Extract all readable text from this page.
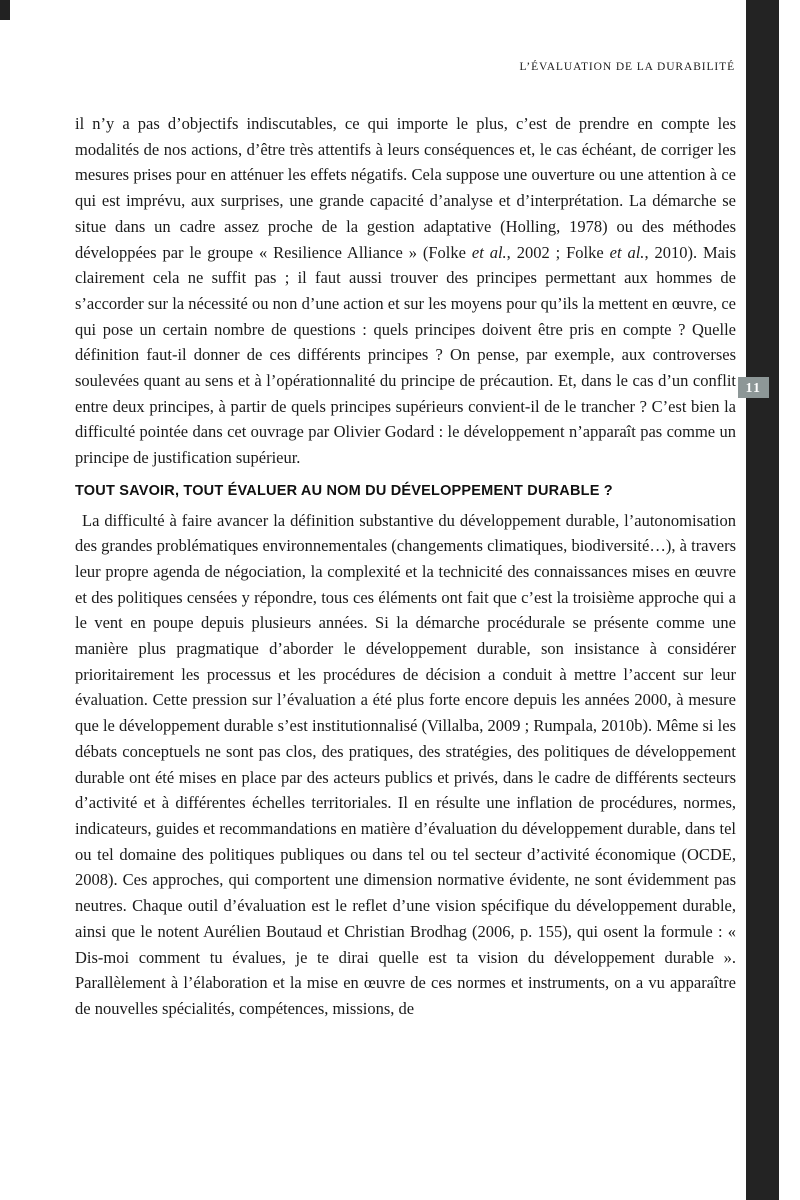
11
L’ÉVALUATION DE LA DURABILITÉ

il n’y a pas d’objectifs indiscutables, ce qui importe le plus, c’est de prendre en compte les modalités de nos actions, d’être très attentifs à leurs conséquences et, le cas échéant, de corriger les mesures prises pour en atténuer les effets négatifs. Cela suppose une ouverture ou une attention à ce qui est imprévu, aux surprises, une grande capacité d’analyse et d’interprétation. La démarche se situe dans un cadre assez proche de la gestion adaptative (Holling, 1978) ou des méthodes développées par le groupe « Resilience Alliance » (Folke et al., 2002 ; Folke et al., 2010). Mais clairement cela ne suffit pas ; il faut aussi trouver des principes permettant aux hommes de s’accorder sur la nécessité ou non d’une action et sur les moyens pour qu’ils la mettent en œuvre, ce qui pose un certain nombre de questions : quels principes doivent être pris en compte ? Quelle définition faut-il donner de ces différents principes ? On pense, par exemple, aux controverses soulevées quant au sens et à l’opérationnalité du principe de précaution. Et, dans le cas d’un conflit entre deux principes, à partir de quels principes supérieurs convient-il de le trancher ? C’est bien la difficulté pointée dans cet ouvrage par Olivier Godard : le développement n’apparaît pas comme un principe de justification supérieur.

TOUT SAVOIR, TOUT ÉVALUER AU NOM DU DÉVELOPPEMENT DURABLE ?

La difficulté à faire avancer la définition substantive du développement durable, l’autonomisation des grandes problématiques environnementales (changements climatiques, biodiversité…), à travers leur propre agenda de négociation, la complexité et la technicité des connaissances mises en œuvre et des politiques censées y répondre, tous ces éléments ont fait que c’est la troisième approche qui a le vent en poupe depuis plusieurs années. Si la démarche procédurale se présente comme une manière plus pragmatique d’aborder le développement durable, son insistance à considérer prioritairement les processus et les procédures de décision a conduit à mettre l’accent sur leur évaluation. Cette pression sur l’évaluation a été plus forte encore depuis les années 2000, à mesure que le développement durable s’est institutionnalisé (Villalba, 2009 ; Rumpala, 2010b). Même si les débats conceptuels ne sont pas clos, des pratiques, des stratégies, des politiques de développement durable ont été mises en place par des acteurs publics et privés, dans le cadre de différents secteurs d’activité et à différentes échelles territoriales. Il en résulte une inflation de procédures, normes, indicateurs, guides et recommandations en matière d’évaluation du développement durable, dans tel ou tel domaine des politiques publiques ou dans tel ou tel secteur d’activité économique (OCDE, 2008). Ces approches, qui comportent une dimension normative évidente, ne sont évidemment pas neutres. Chaque outil d’évaluation est le reflet d’une vision spécifique du développement durable, ainsi que le notent Aurélien Boutaud et Christian Brodhag (2006, p. 155), qui osent la formule : « Dis-moi comment tu évalues, je te dirai quelle est ta vision du développement durable ». Parallèlement à l’élaboration et la mise en œuvre de ces normes et instruments, on a vu apparaître de nouvelles spécialités, compétences, missions, de
